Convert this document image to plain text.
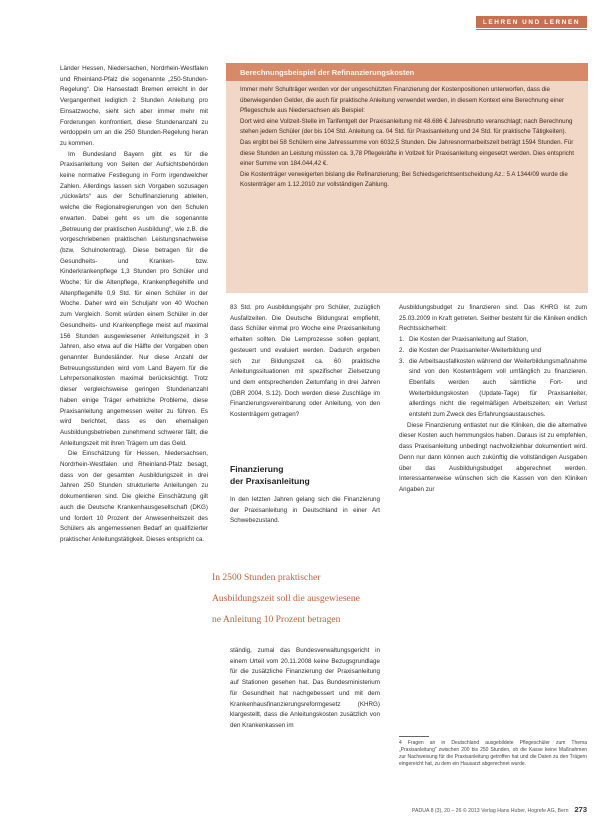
LEHREN UND LERNEN

Länder Hessen, Niedersachen, Nordrhein-Westfalen und Rheinland-Pfalz die sogenannte „250-Stunden-Regelung“. Die Hansestadt Bremen erreicht in der Vergangenheit lediglich 2 Stunden Anleitung pro Einsatzwoche, sieht sich aber immer mehr mit Forderungen konfrontiert, diese Stundenanzahl zu verdoppeln um an die 250 Stunden-Regelung heran zu kommen.

Im Bundesland Bayern gibt es für die Praxisanleitung von Seiten der Aufsichtsbehörden keine normative Festlegung in Form irgendwelcher Zahlen. Allerdings lassen sich Vorgaben sozusagen „rückwärts“ aus der Schulfinanzierung ableiten, welche die Regionalregierungen von den Schulen erwarten. Dabei geht es um die sogenannte „Betreuung der praktischen Ausbildung“, wie z.B. die vorgeschriebenen praktischen Leistungsnachweise (bzw. Schulnotentrag). Diese betragen für die Gesundheits- und Kranken- bzw. Kinderkrankenpflege 1,3 Stunden pro Schüler und Woche; für die Altenpflege, Krankenpflegehilfe und Altenpflegehilfe 0,9 Std. für einen Schüler in der Woche. Daher wird ein Schuljahr von 40 Wochen zum Vergleich. Somit würden einem Schüler in der Gesundheits- und Krankenpflege meist auf maximal 156 Stunden ausgewiesener Anleitungszeit in 3 Jahren, also etwa auf die Hälfte der Vorgaben oben genannter Bundesländer. Nur diese Anzahl der Betreuungsstunden wird vom Land Bayern für die Lehrpersonalkosten maximal berücksichtigt. Trotz dieser vergleichsweise geringen Stundenanzahl haben einige Träger erhebliche Probleme, diese Praxisanleitung angemessen weiter zu führen. Es wird berichtet, dass es den ehemaligen Ausbildungsbetrieben zunehmend schwerer fällt, die Anleitungszeit mit ihren Trägern um das Geld.

Die Einschätzung für Hessen, Niedersachsen, Nordrhein-Westfalen und Rheinland-Pfalz besagt, dass von der gesamten Ausbildungszeit in drei Jahren 250 Stunden strukturierte Anleitungen zu dokumentieren sind. Die gleiche Einschätzung gilt auch die Deutsche Krankenhausgesellschaft (DKG) und fordert 10 Prozent der Anwesenheitszeit des Schülers als angemessenen Bedarf an qualifizierter praktischer Anleitungstätigkeit. Dieses entspricht ca.

Berechnungsbeispiel der Refinanzierungskosten

Immer mehr Schulträger werden vor der ungeschützten Finanzierung der Kostenpositionen unterworfen, dass die überwiegenden Gelder, die auch für praktische Anleitung verwendet werden, in diesem Kontext eine Berechnung einer Pflegeschule aus Niedersachsen als Beispiel:

Dort wird eine Vollzeit-Stelle im Tarifentgelt der Praxisanleitung mit 48.686 € Jahresbrutto veranschlagt; nach Berechnung stehen jedem Schüler (der bis 104 Std. Anleitung ca. 04 Std. für Praxisanleitung und 24 Std. für praktische Tätigkeiten). Das ergibt bei 58 Schülern eine Jahressumme von 6032,5 Stunden. Die Jahresnormarbeitszeit beträgt 1594 Stunden. Für diese Stunden an Leistung müssten ca. 3,78 Pflegekräfte in Vollzeit für Praxisanleitung eingesetzt werden. Dies entspricht einer Summe von 184.044,42 €.

Die Kostenträger verweigerten bislang die Refinanzierung; Bei Schiedsgerichtsentscheidung Az.: 5 A 1344/09 wurde die Kostenträger am 1.12.2010 zur vollständigen Zahlung.

83 Std. pro Ausbildungsjahr pro Schüler, zuzüglich Ausfallzeiten. Die Deutsche Bildungsrat empfiehlt, dass Schüler einmal pro Woche eine Praxisanleitung erhalten sollten. Die Lernprozesse sollen geplant, gesteuert und evaluiert werden. Dadurch ergeben sich zur Bildungszeit ca. 60 praktische Anleitungssituationen mit spezifischer Zielsetzung und dem entsprechenden Zeitumfang in drei Jahren (DBR 2004, S.12). Doch werden diese Zuschläge im Finanzierungsvereinbarung oder Anleitung, von den Kostenträgern getragen?

Finanzierung
der Praxisanleitung
In den letzten Jahren gelang sich die Finanzierung der Praxisanleitung in Deutschland in einer Art Schwebezustand.
In 2500 Stunden praktischer
Ausbildungszeit soll die ausgewiesene
ne Anleitung 10 Prozent betragen

ständig, zumal das Bundesverwaltungsgericht in einem Urteil vom 20.11.2008 keine Bezugsgrundlage für die zusätzliche Finanzierung der Praxisanleitung auf Stationen gesehen hat. Das Bundesministerium für Gesundheit hat nachgebessert und mit dem Krankenhausfinanzierungsreformgesetz (KHRG) klargestellt, dass die Anleitungskosten zusätzlich von den Krankenkassen im

Ausbildungsbudget zu finanzieren sind. Das KHRG ist zum 25.03.2009 in Kraft getreten. Seither besteht für die Kliniken endlich Rechtssicherheit:

1. Die Kosten der Praxisanleitung auf Station,
2. die Kosten der Praxisanleiter-Weiterbildung und
3. die Arbeitsausfallkosten während der Weiterbildungsmaßnahme sind von den Kostenträgern voll umfänglich zu finanzieren. Ebenfalls werden auch sämtliche Fort- und Weiterbildungskosten (Update-Tage) für Praxisanleiter, allerdings nicht die regelmäßigen Arbeitszeiten; ein Verlust entsteht zum Zweck des Erfahrungsaustausches.

Diese Finanzierung entlastet nur die Kliniken, die die alternative dieser Kosten auch hemmungslos haben. Daraus ist zu empfehlen, dass Praxisanleitung unbedingt nachvollziehbar dokumentiert wird. Denn nur dann können auch zukünftig die vollständigen Ausgaben über das Ausbildungsbudget abgerechnet werden. Interessanterweise wünschen sich die Kassen von den Kliniken Angaben zur

4 Fragen an in Deutschland ausgebildete Pflegeschüler zum Thema „Praxisanleitung“ zwischen 200 bis 250 Stunden, ob die Kasse keine Maßnahmen zur Nachweisung für die Praxisanleitung getroffen hat und die Daten zu den Trägern eingereicht hat, zu dem ein Hausarzt abgerechnet wurde.
PADUA 8 (3), 20 – 26 © 2013 Verlag Hans Huber, Hogrefe AG, Bern 273
